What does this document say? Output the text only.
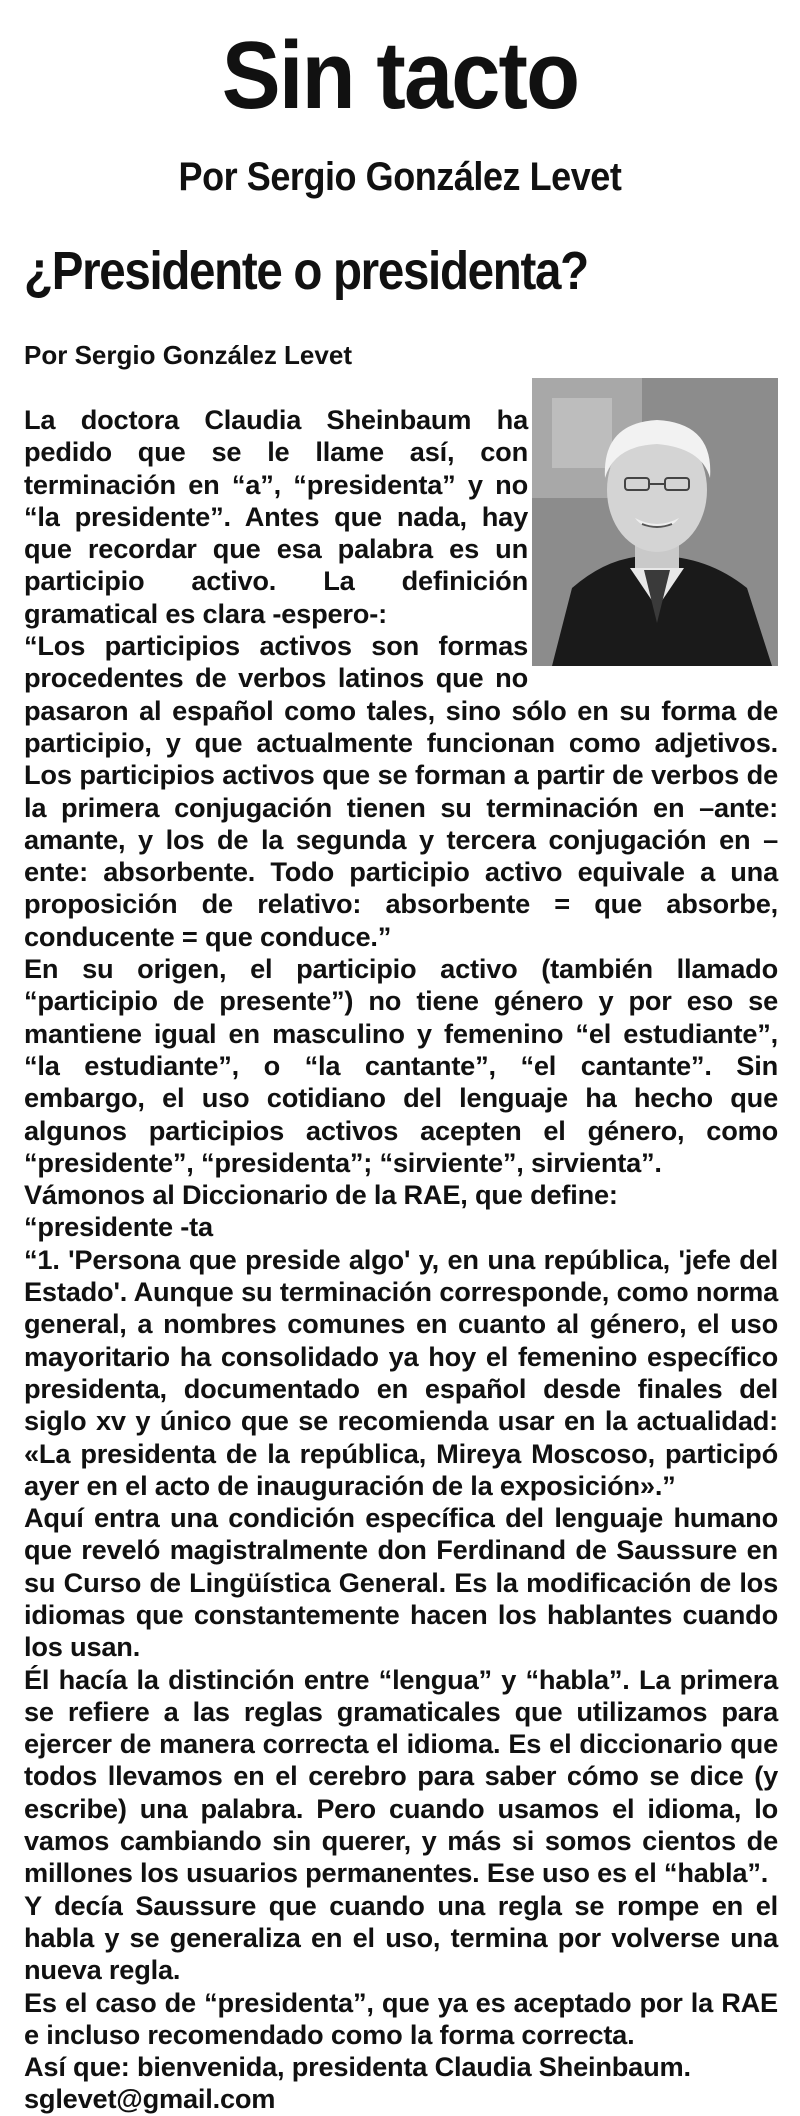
Sin tacto
Por Sergio González Levet
¿Presidente o presidenta?
Por Sergio González Levet

La doctora Claudia Sheinbaum ha pedido que se le llame así, con terminación en “a”, “presidenta” y no “la presidente”. Antes que nada, hay que recordar que esa palabra es un participio activo. La definición gramatical es clara -espero-:

“Los participios activos son formas procedentes de verbos latinos que no pasaron al español como tales, sino sólo en su forma de participio, y que actualmente funcionan como adjetivos. Los participios activos que se forman a partir de verbos de la primera conjugación tienen su terminación en –ante: amante, y los de la segunda y tercera conjugación en –ente: absorbente. Todo participio activo equivale a una proposición de relativo: absorbente = que absorbe, conducente = que conduce.”

En su origen, el participio activo (también llamado “participio de presente”) no tiene género y por eso se mantiene igual en masculino y femenino “el estudiante”, “la estudiante”, o “la cantante”, “el cantante”. Sin embargo, el uso cotidiano del lenguaje ha hecho que algunos participios activos acepten el género, como “presidente”, “presidenta”; “sirviente”, sirvienta”.

Vámonos al Diccionario de la RAE, que define:

“presidente -ta

“1. 'Persona que preside algo' y, en una república, 'jefe del Estado'. Aunque su terminación corresponde, como norma general, a nombres comunes en cuanto al género, el uso mayoritario ha consolidado ya hoy el femenino específico presidenta, documentado en español desde finales del siglo xv y único que se recomienda usar en la actualidad: «La presidenta de la república, Mireya Moscoso, participó ayer en el acto de inauguración de la exposición».”

Aquí entra una condición específica del lenguaje humano que reveló magistralmente don Ferdinand de Saussure en su Curso de Lingüística General. Es la modificación de los idiomas que constantemente hacen los hablantes cuando los usan.

Él hacía la distinción entre “lengua” y “habla”. La primera se refiere a las reglas gramaticales que utilizamos para ejercer de manera correcta el idioma. Es el diccionario que todos llevamos en el cerebro para saber cómo se dice (y escribe) una palabra. Pero cuando usamos el idioma, lo vamos cambiando sin querer, y más si somos cientos de millones los usuarios permanentes. Ese uso es el “habla”.

Y decía Saussure que cuando una regla se rompe en el habla y se generaliza en el uso, termina por volverse una nueva regla.

Es el caso de “presidenta”, que ya es aceptado por la RAE e incluso recomendado como la forma correcta.

Así que: bienvenida, presidenta Claudia Sheinbaum.

sglevet@gmail.com
